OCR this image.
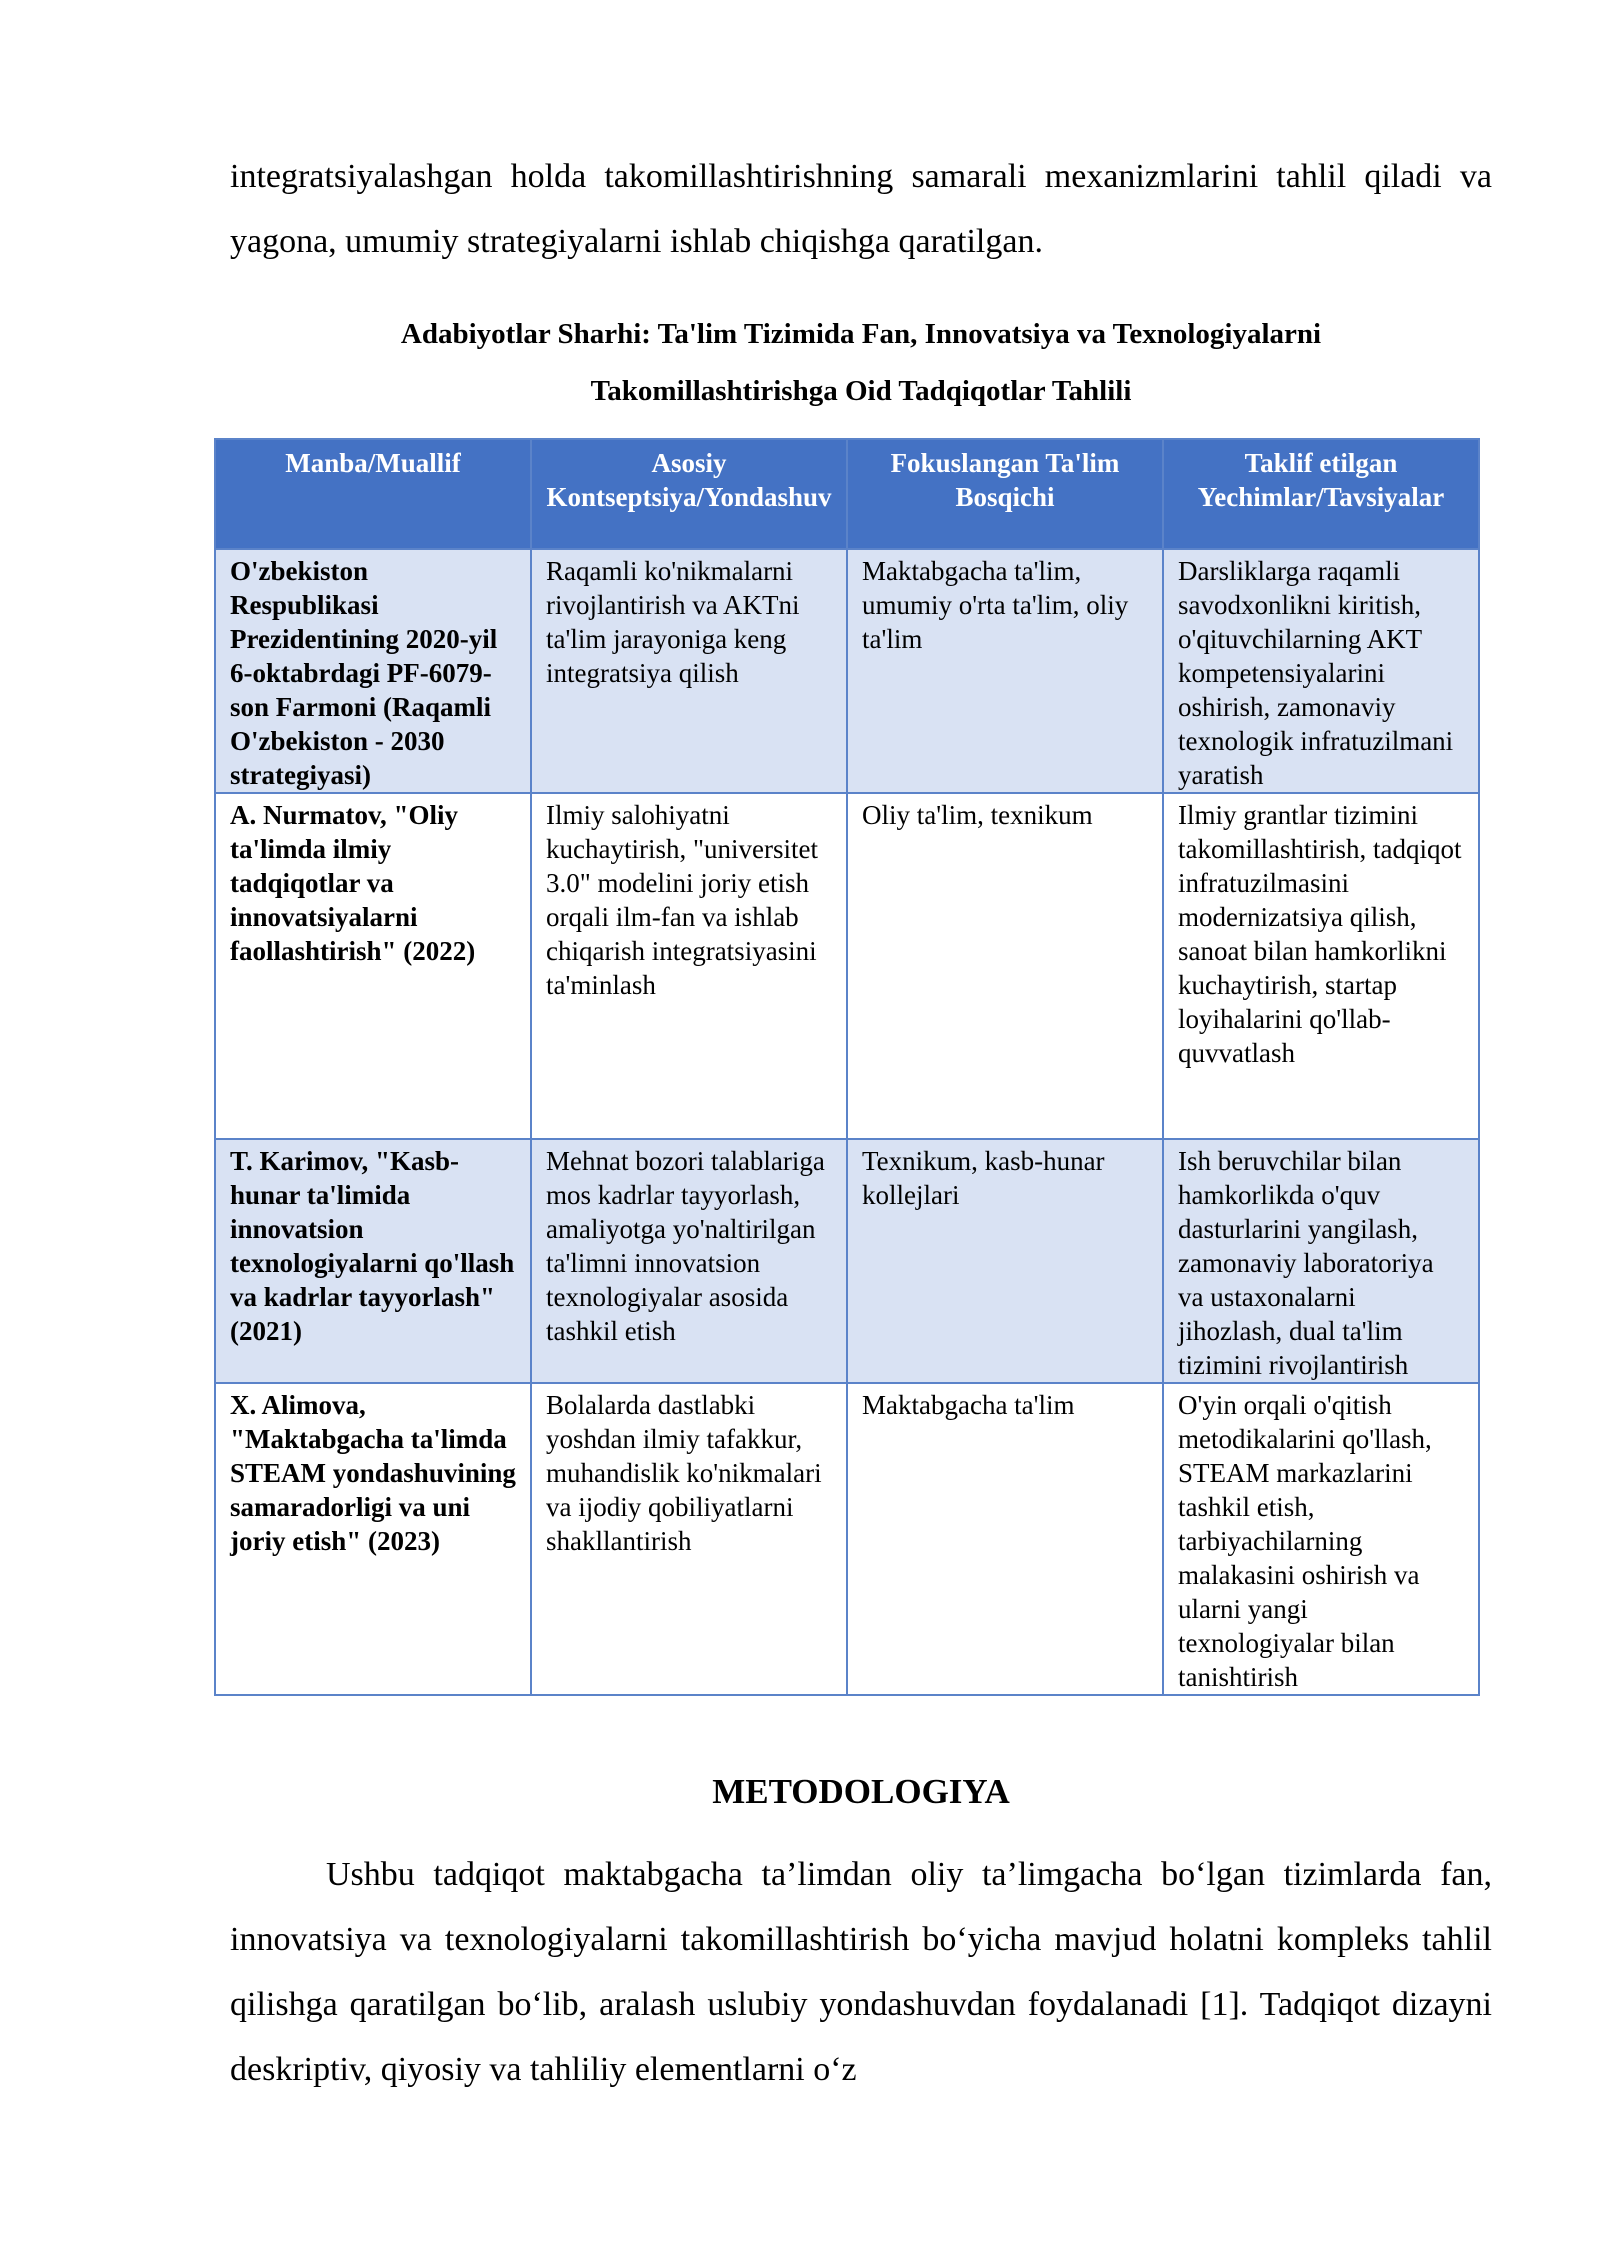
integratsiyalashgan holda takomillashtirishning samarali mexanizmlarini tahlil qiladi va yagona, umumiy strategiyalarni ishlab chiqishga qaratilgan.

Adabiyotlar Sharhi: Ta'lim Tizimida Fan, Innovatsiya va Texnologiyalarni
Takomillashtirishga Oid Tadqiqotlar Tahlili
Manba/Muallif	Asosiy Kontseptsiya/Yondashuv	Fokuslangan Ta'lim Bosqichi	Taklif etilgan Yechimlar/Tavsiyalar
O'zbekiston Respublikasi Prezidentining 2020-yil 6-oktabrdagi PF-6079-son Farmoni (Raqamli O'zbekiston - 2030 strategiyasi)	Raqamli ko'nikmalarni rivojlantirish va AKTni ta'lim jarayoniga keng integratsiya qilish	Maktabgacha ta'lim, umumiy o'rta ta'lim, oliy ta'lim	Darsliklarga raqamli savodxonlikni kiritish, o'qituvchilarning AKT kompetensiyalarini oshirish, zamonaviy texnologik infratuzilmani yaratish
A. Nurmatov, "Oliy ta'limda ilmiy tadqiqotlar va innovatsiyalarni faollashtirish" (2022)	Ilmiy salohiyatni kuchaytirish, "universitet 3.0" modelini joriy etish orqali ilm-fan va ishlab chiqarish integratsiyasini ta'minlash	Oliy ta'lim, texnikum	Ilmiy grantlar tizimini takomillashtirish, tadqiqot infratuzilmasini modernizatsiya qilish, sanoat bilan hamkorlikni kuchaytirish, startap loyihalarini qo'llab-quvvatlash
T. Karimov, "Kasb-hunar ta'limida innovatsion texnologiyalarni qo'llash va kadrlar tayyorlash" (2021)	Mehnat bozori talablariga mos kadrlar tayyorlash, amaliyotga yo'naltirilgan ta'limni innovatsion texnologiyalar asosida tashkil etish	Texnikum, kasb-hunar kollejlari	Ish beruvchilar bilan hamkorlikda o'quv dasturlarini yangilash, zamonaviy laboratoriya va ustaxonalarni jihozlash, dual ta'lim tizimini rivojlantirish
X. Alimova, "Maktabgacha ta'limda STEAM yondashuvining samaradorligi va uni joriy etish" (2023)	Bolalarda dastlabki yoshdan ilmiy tafakkur, muhandislik ko'nikmalari va ijodiy qobiliyatlarni shakllantirish	Maktabgacha ta'lim	O'yin orqali o'qitish metodikalarini qo'llash, STEAM markazlarini tashkil etish, tarbiyachilarning malakasini oshirish va ularni yangi texnologiyalar bilan tanishtirish
METODOLOGIYA

Ushbu tadqiqot maktabgacha ta’limdan oliy ta’limgacha bo‘lgan tizimlarda fan, innovatsiya va texnologiyalarni takomillashtirish bo‘yicha mavjud holatni kompleks tahlil qilishga qaratilgan bo‘lib, aralash uslubiy yondashuvdan foydalanadi [1]. Tadqiqot dizayni deskriptiv, qiyosiy va tahliliy elementlarni o‘z
